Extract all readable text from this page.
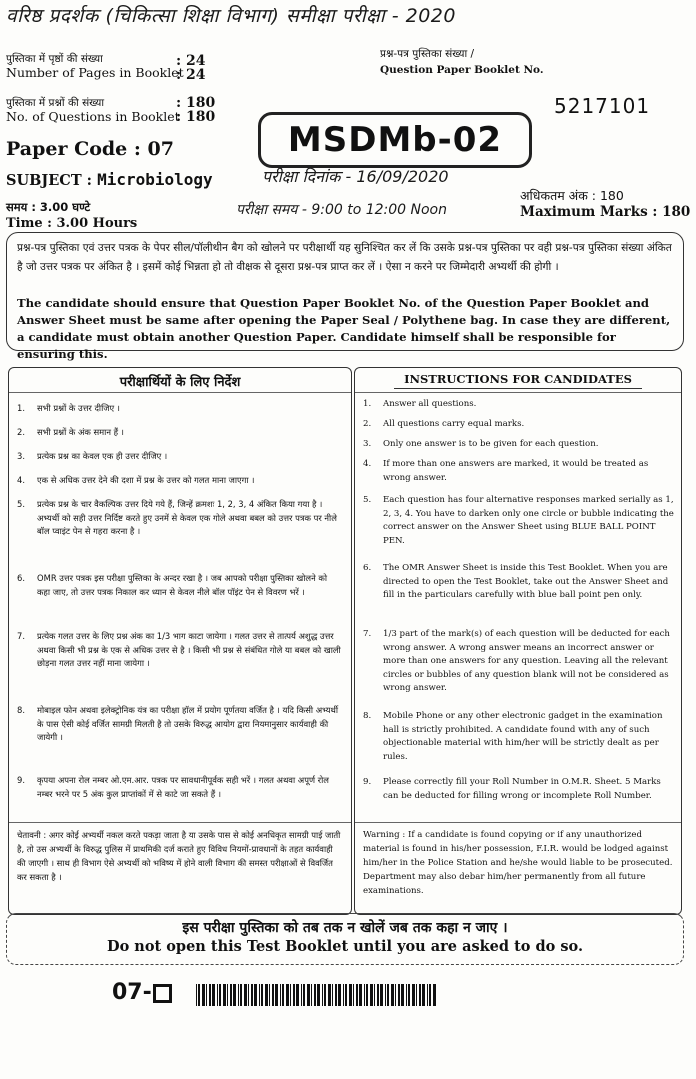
वरिष्ठ प्रदर्शक (चिकित्सा शिक्षा विभाग) समीक्षा परीक्षा - 2020
पुस्तिका में पृष्ठों की संख्या
Number of Pages in Booklet
: 24
: 24
पुस्तिका में प्रश्नों की संख्या
No. of Questions in Booklet
: 180
: 180
Paper Code : 07
SUBJECT : Microbiology
समय : 3.00 घण्टे
Time : 3.00 Hours
प्रश्न-पत्र पुस्तिका संख्या /
Question Paper Booklet No.
5217101
MSDMb-02
परीक्षा दिनांक - 16/09/2020
परीक्षा समय - 9:00 to 12:00 Noon
अधिकतम अंक : 180
Maximum Marks : 180
प्रश्न-पत्र पुस्तिका एवं उत्तर पत्रक के पेपर सील/पॉलीथीन बैग को खोलने पर परीक्षार्थी यह सुनिश्चित कर लें कि उसके प्रश्न-पत्र पुस्तिका पर वही प्रश्न-पत्र पुस्तिका संख्या अंकित है जो उत्तर पत्रक पर अंकित है । इसमें कोई भिन्नता हो तो वीक्षक से दूसरा प्रश्न-पत्र प्राप्त कर लें । ऐसा न करने पर जिम्मेदारी अभ्यर्थी की होगी ।
The candidate should ensure that Question Paper Booklet No. of the Question Paper Booklet and Answer Sheet must be same after opening the Paper Seal / Polythene bag. In case they are different, a candidate must obtain another Question Paper. Candidate himself shall be responsible for ensuring this.
परीक्षार्थियों के लिए निर्देश
1. सभी प्रश्नों के उत्तर दीजिए ।
2. सभी प्रश्नों के अंक समान हैं ।
3. प्रत्येक प्रश्न का केवल एक ही उत्तर दीजिए ।
4. एक से अधिक उत्तर देने की दशा में प्रश्न के उत्तर को गलत माना जाएगा ।
5. प्रत्येक प्रश्न के चार वैकल्पिक उत्तर दिये गये हैं, जिन्हें क्रमशः 1, 2, 3, 4 अंकित किया गया है । अभ्यर्थी को सही उत्तर निर्दिष्ट करते हुए उनमें से केवल एक गोले अथवा बबल को उत्तर पत्रक पर नीले बॉल प्वाइंट पेन से गहरा करना है ।
6. OMR उत्तर पत्रक इस परीक्षा पुस्तिका के अन्दर रखा है । जब आपको परीक्षा पुस्तिका खोलने को कहा जाए, तो उत्तर पत्रक निकाल कर ध्यान से केवल नीले बॉल पॉइंट पेन से विवरण भरें ।
7. प्रत्येक गलत उत्तर के लिए प्रश्न अंक का 1/3 भाग काटा जायेगा । गलत उत्तर से तात्पर्य अशुद्ध उत्तर अथवा किसी भी प्रश्न के एक से अधिक उत्तर से है । किसी भी प्रश्न से संबंधित गोले या बबल को खाली छोड़ना गलत उत्तर नहीं माना जायेगा ।
8. मोबाइल फोन अथवा इलेक्ट्रोनिक यंत्र का परीक्षा हॉल में प्रयोग पूर्णतया वर्जित है । यदि किसी अभ्यर्थी के पास ऐसी कोई वर्जित सामग्री मिलती है तो उसके विरुद्ध आयोग द्वारा नियमानुसार कार्यवाही की जायेगी ।
9. कृपया अपना रोल नम्बर ओ.एम.आर. पत्रक पर सावधानीपूर्वक सही भरें । गलत अथवा अपूर्ण रोल नम्बर भरने पर 5 अंक कुल प्राप्तांकों में से काटे जा सकते हैं ।
चेतावनी : अगर कोई अभ्यर्थी नकल करते पकड़ा जाता है या उसके पास से कोई अनधिकृत सामग्री पाई जाती है, तो उस अभ्यर्थी के विरुद्ध पुलिस में प्राथमिकी दर्ज कराते हुए विविध नियमों-प्रावधानों के तहत कार्यवाही की जाएगी । साथ ही विभाग ऐसे अभ्यर्थी को भविष्य में होने वाली विभाग की समस्त परीक्षाओं से विवर्जित कर सकता है ।
INSTRUCTIONS FOR CANDIDATES
1. Answer all questions.
2. All questions carry equal marks.
3. Only one answer is to be given for each question.
4. If more than one answers are marked, it would be treated as wrong answer.
5. Each question has four alternative responses marked serially as 1, 2, 3, 4. You have to darken only one circle or bubble indicating the correct answer on the Answer Sheet using BLUE BALL POINT PEN.
6. The OMR Answer Sheet is inside this Test Booklet. When you are directed to open the Test Booklet, take out the Answer Sheet and fill in the particulars carefully with blue ball point pen only.
7. 1/3 part of the mark(s) of each question will be deducted for each wrong answer. A wrong answer means an incorrect answer or more than one answers for any question. Leaving all the relevant circles or bubbles of any question blank will not be considered as wrong answer.
8. Mobile Phone or any other electronic gadget in the examination hall is strictly prohibited. A candidate found with any of such objectionable material with him/her will be strictly dealt as per rules.
9. Please correctly fill your Roll Number in O.M.R. Sheet. 5 Marks can be deducted for filling wrong or incomplete Roll Number.
Warning : If a candidate is found copying or if any unauthorized material is found in his/her possession, F.I.R. would be lodged against him/her in the Police Station and he/she would liable to be prosecuted. Department may also debar him/her permanently from all future examinations.
इस परीक्षा पुस्तिका को तब तक न खोलें जब तक कहा न जाए ।
Do not open this Test Booklet until you are asked to do so.
07-
